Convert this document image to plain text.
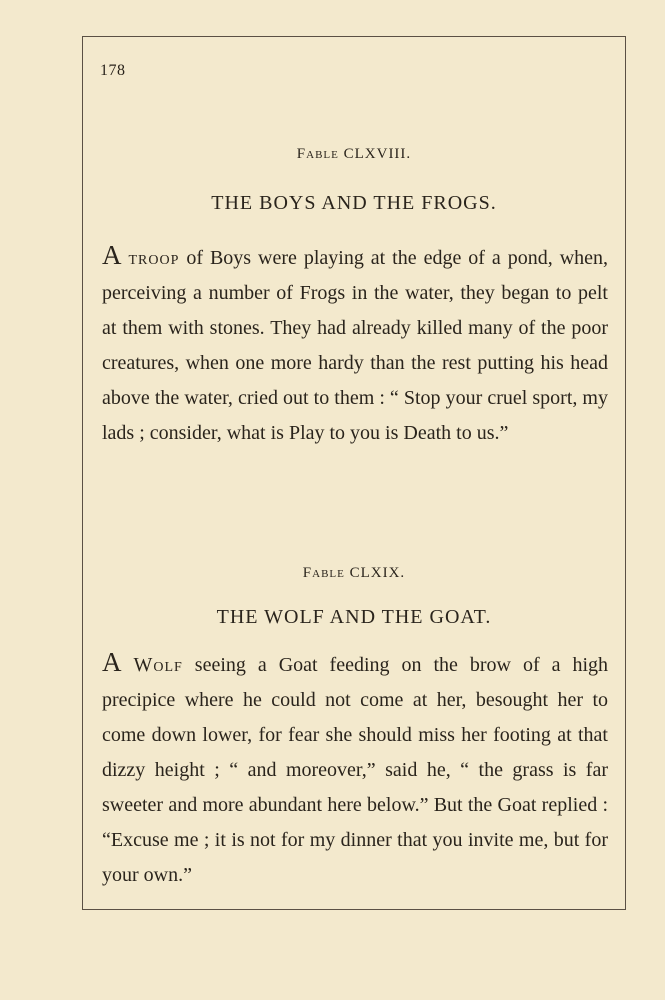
178
Fable CLXVIII.
THE BOYS AND THE FROGS.

A troop of Boys were playing at the edge of a pond, when, perceiving a number of Frogs in the water, they began to pelt at them with stones. They had already killed many of the poor creatures, when one more hardy than the rest putting his head above the water, cried out to them : “ Stop your cruel sport, my lads ; consider, what is Play to you is Death to us.”

Fable CLXIX.
THE WOLF AND THE GOAT.

A Wolf seeing a Goat feeding on the brow of a high precipice where he could not come at her, besought her to come down lower, for fear she should miss her footing at that dizzy height ; “ and moreover,” said he, “ the grass is far sweeter and more abundant here below.” But the Goat replied : “Excuse me ; it is not for my dinner that you invite me, but for your own.”
